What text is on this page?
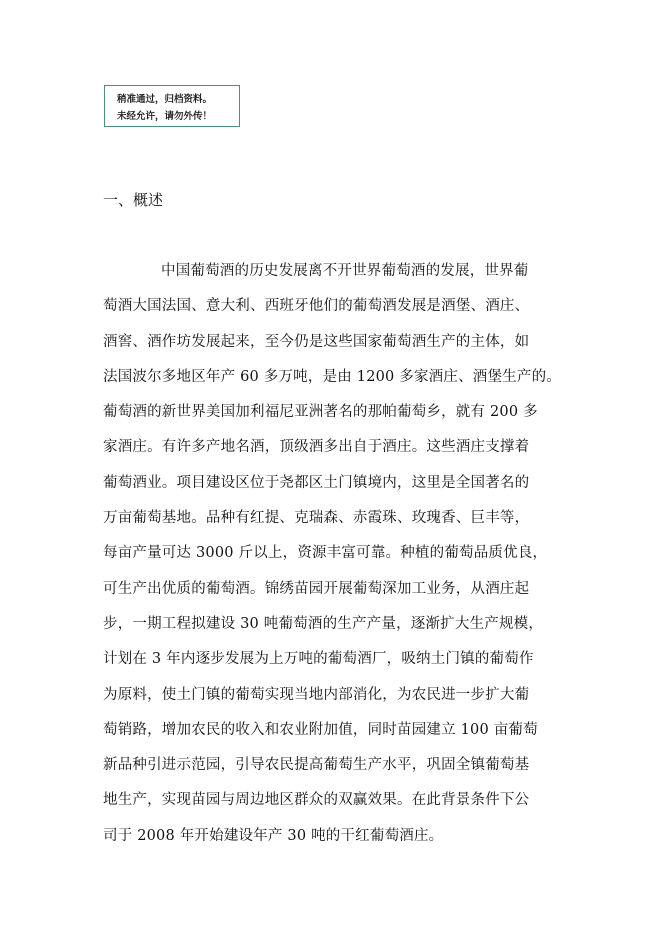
稍准通过，归档资料。
未经允许，请勿外传！
一、概述
中国葡萄酒的历史发展离不开世界葡萄酒的发展，世界葡
萄酒大国法国、意大利、西班牙他们的葡萄酒发展是酒堡、酒庄、
酒窖、酒作坊发展起来，至今仍是这些国家葡萄酒生产的主体，如
法国波尔多地区年产 60 多万吨，是由 1200 多家酒庄、酒堡生产的。
葡萄酒的新世界美国加利福尼亚洲著名的那帕葡萄乡，就有 200 多
家酒庄。有许多产地名酒，顶级酒多出自于酒庄。这些酒庄支撑着
葡萄酒业。项目建设区位于尧都区土门镇境内，这里是全国著名的
万亩葡萄基地。品种有红提、克瑞森、赤霞珠、玫瑰香、巨丰等，
每亩产量可达 3000 斤以上，资源丰富可靠。种植的葡萄品质优良，
可生产出优质的葡萄酒。锦绣苗园开展葡萄深加工业务，从酒庄起
步，一期工程拟建设 30 吨葡萄酒的生产产量，逐渐扩大生产规模，
计划在 3 年内逐步发展为上万吨的葡萄酒厂，吸纳土门镇的葡萄作
为原料，使土门镇的葡萄实现当地内部消化，为农民进一步扩大葡
萄销路，增加农民的收入和农业附加值，同时苗园建立 100 亩葡萄
新品种引进示范园，引导农民提高葡萄生产水平，巩固全镇葡萄基
地生产，实现苗园与周边地区群众的双赢效果。在此背景条件下公
司于 2008 年开始建设年产 30 吨的干红葡萄酒庄。
